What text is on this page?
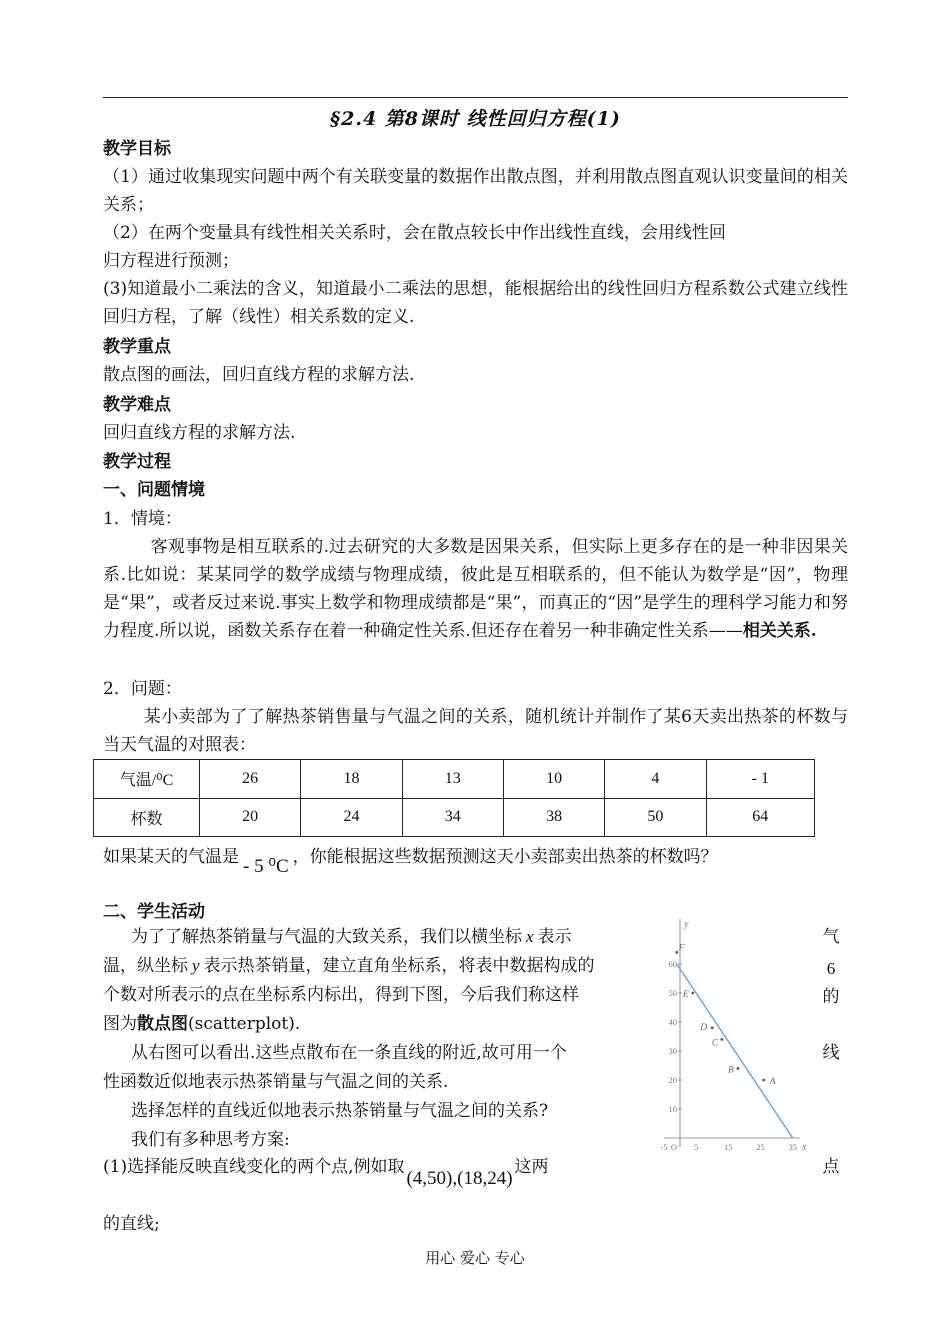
§2.4 第8课时 线性回归方程(1)
教学目标
（1）通过收集现实问题中两个有关联变量的数据作出散点图，并利用散点图直观认识变量间的相关关系；
（2）在两个变量具有线性相关关系时，会在散点较长中作出线性直线，会用线性回
归方程进行预测；
(3)知道最小二乘法的含义，知道最小二乘法的思想，能根据给出的线性回归方程系数公式建立线性回归方程，了解（线性）相关系数的定义.
教学重点
散点图的画法，回归直线方程的求解方法.
教学难点
回归直线方程的求解方法.
教学过程
一、问题情境
1．情境：
客观事物是相互联系的.过去研究的大多数是因果关系，但实际上更多存在的是一种非因果关系.比如说：某某同学的数学成绩与物理成绩，彼此是互相联系的，但不能认为数学是“因”，物理是“果”，或者反过来说.事实上数学和物理成绩都是“果”，而真正的“因”是学生的理科学习能力和努力程度.所以说，函数关系存在着一种确定性关系.但还存在着另一种非确定性关系——相关关系.
2．问题：
某小卖部为了了解热茶销售量与气温之间的关系，随机统计并制作了某6天卖出热茶的杯数与当天气温的对照表：
气温/⁰C	26	18	13	10	4	- 1
杯数	20	24	34	38	50	64
如果某天的气温是 - 5 ⁰C ，你能根据这些数据预测这天小卖部卖出热茶的杯数吗？
二、学生活动
为了了解热茶销量与气温的大致关系，我们以横坐标 x 表示
温，纵坐标 y 表示热茶销量，建立直角坐标系，将表中数据构成的
个数对所表示的点在坐标系内标出，得到下图，今后我们称这样
图为散点图(scatterplot).
从右图可以看出.这些点散布在一条直线的附近,故可用一个
性函数近似地表示热茶销量与气温之间的关系.
选择怎样的直线近似地表示热茶销量与气温之间的关系?
我们有多种思考方案:
(1)选择能反映直线变化的两个点,例如取(4,50),(18,24)这两
的直线;
气
6
的
线
点
x
y
-5 O 5	15	25	35
10
20
30
40
50
60
A
B
C
D
E
F
用心 爱心 专心
